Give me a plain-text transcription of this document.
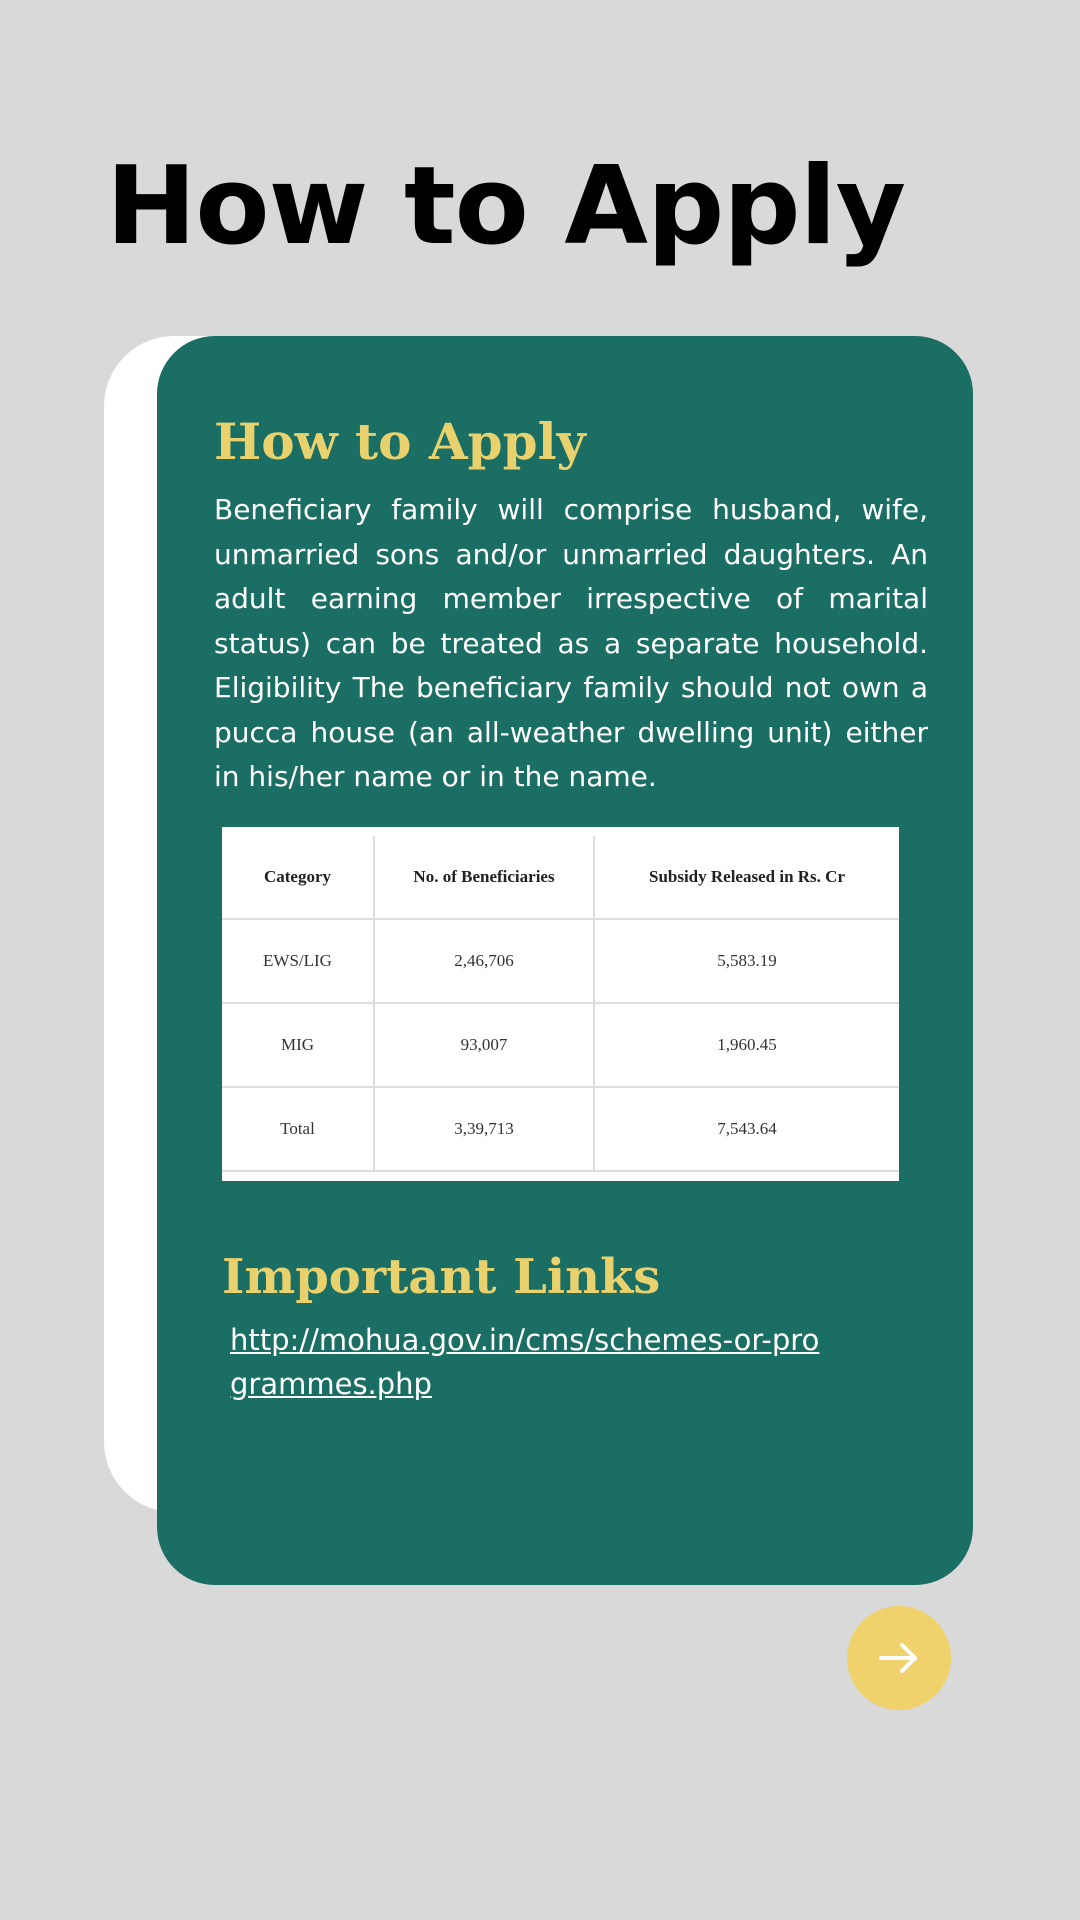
How to Apply
How to Apply

Beneficiary family will comprise husband, wife, unmarried sons and/or unmarried daughters. An adult earning member irrespective of marital status) can be treated as a separate household. Eligibility The beneficiary family should not own a pucca house (an all-weather dwelling unit) either in his/her name or in the name.

Category	No. of Beneficiaries	Subsidy Released in Rs. Cr
EWS/LIG	2,46,706	5,583.19
MIG	93,007	1,960.45
Total	3,39,713	7,543.64
Important Links
http://mohua.gov.in/cms/schemes-or-programmes.php
